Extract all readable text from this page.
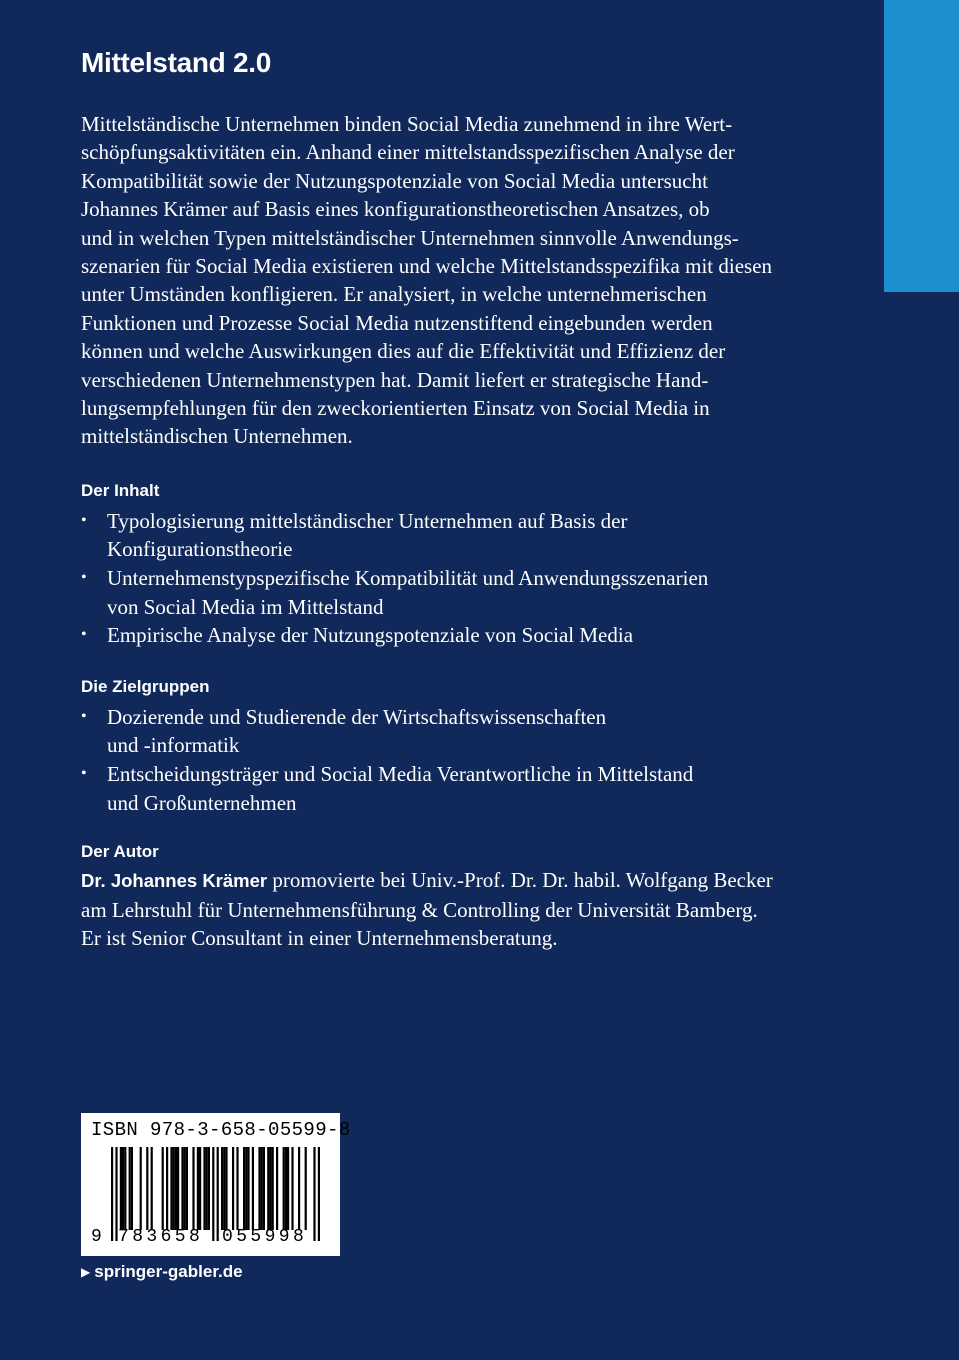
Mittelstand 2.0

Mittelständische Unternehmen binden Social Media zunehmend in ihre Wert-
schöpfungsaktivitäten ein. Anhand einer mittelstandsspezifischen Analyse der
Kompatibilität sowie der Nutzungspotenziale von Social Media untersucht
Johannes Krämer auf Basis eines konfigurationstheoretischen Ansatzes, ob
und in welchen Typen mittelständischer Unternehmen sinnvolle Anwendungs-
szenarien für Social Media existieren und welche Mittelstandsspezifika mit diesen
unter Umständen konfligieren. Er analysiert, in welche unternehmerischen
Funktionen und Prozesse Social Media nutzenstiftend eingebunden werden
können und welche Auswirkungen dies auf die Effektivität und Effizienz der
verschiedenen Unternehmenstypen hat. Damit liefert er strategische Hand-
lungsempfehlungen für den zweckorientierten Einsatz von Social Media in
mittelständischen Unternehmen.

Der Inhalt
• Typologisierung mittelständischer Unternehmen auf Basis der
Konfigurationstheorie
• Unternehmenstypspezifische Kompatibilität und Anwendungsszenarien
von Social Media im Mittelstand
• Empirische Analyse der Nutzungspotenziale von Social Media
Die Zielgruppen
• Dozierende und Studierende der Wirtschaftswissenschaften
und -informatik
• Entscheidungsträger und Social Media Verantwortliche in Mittelstand
und Großunternehmen
Der Autor

Dr. Johannes Krämer promovierte bei Univ.-Prof. Dr. Dr. habil. Wolfgang Becker
am Lehrstuhl für Unternehmensführung & Controlling der Universität Bamberg.
Er ist Senior Consultant in einer Unternehmensberatung.

ISBN 978-3-658-05599-8
9 783658 055998
▶ springer-gabler.de
